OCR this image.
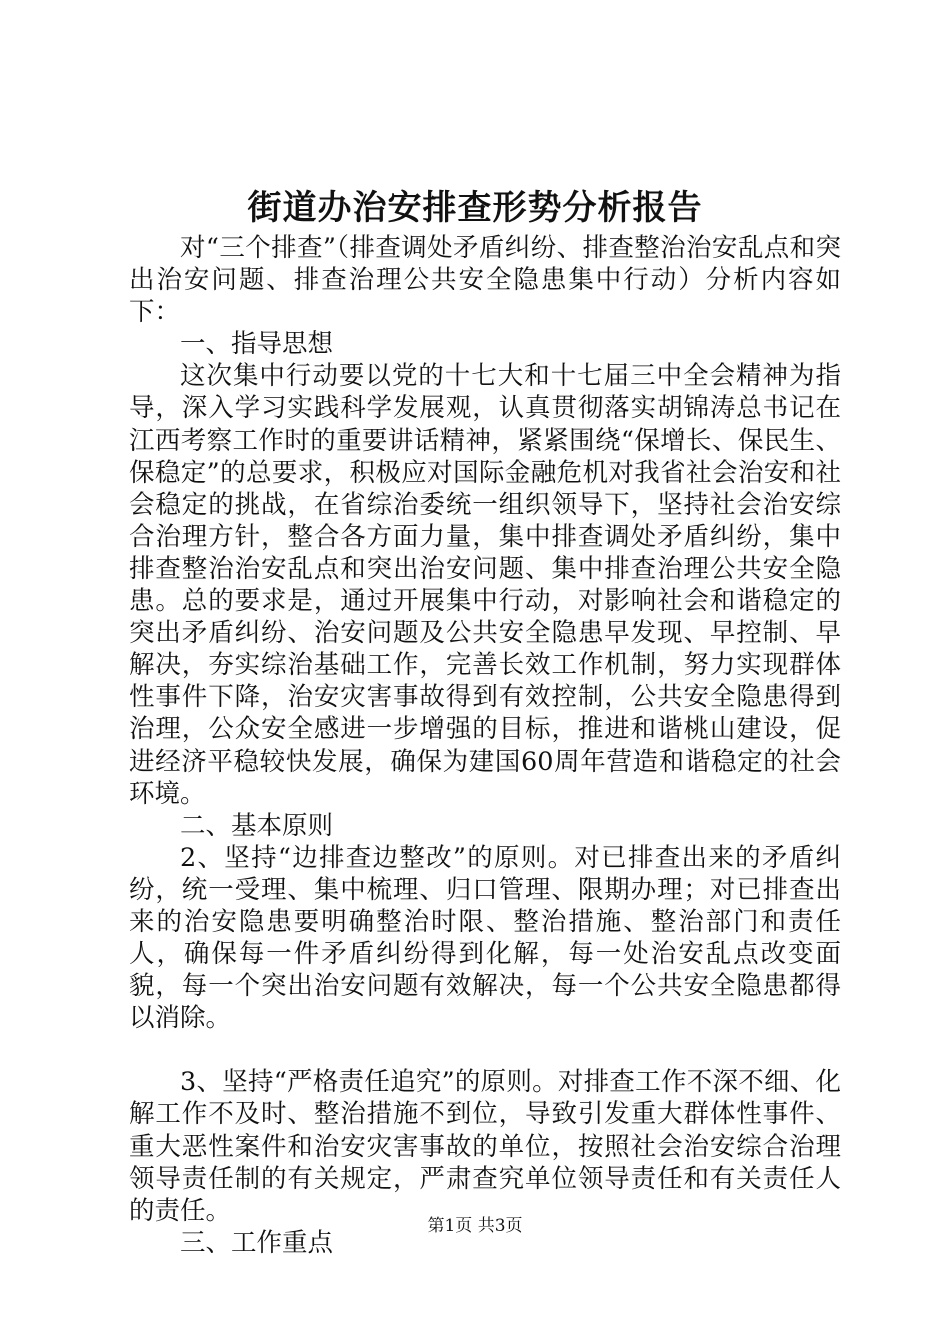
街道办治安排查形势分析报告

对“三个排查”（排查调处矛盾纠纷、排查整治治安乱点和突出治安问题、排查治理公共安全隐患集中行动）分析内容如下：

一、指导思想

这次集中行动要以党的十七大和十七届三中全会精神为指导，深入学习实践科学发展观，认真贯彻落实胡锦涛总书记在江西考察工作时的重要讲话精神，紧紧围绕“保增长、保民生、保稳定”的总要求，积极应对国际金融危机对我省社会治安和社会稳定的挑战，在省综治委统一组织领导下，坚持社会治安综合治理方针，整合各方面力量，集中排查调处矛盾纠纷，集中排查整治治安乱点和突出治安问题、集中排查治理公共安全隐患。总的要求是，通过开展集中行动，对影响社会和谐稳定的突出矛盾纠纷、治安问题及公共安全隐患早发现、早控制、早解决，夯实综治基础工作，完善长效工作机制，努力实现群体性事件下降，治安灾害事故得到有效控制，公共安全隐患得到治理，公众安全感进一步增强的目标，推进和谐桃山建设，促进经济平稳较快发展，确保为建国60周年营造和谐稳定的社会环境。

二、基本原则

2、坚持“边排查边整改”的原则。对已排查出来的矛盾纠纷，统一受理、集中梳理、归口管理、限期办理；对已排查出来的治安隐患要明确整治时限、整治措施、整治部门和责任人，确保每一件矛盾纠纷得到化解，每一处治安乱点改变面貌，每一个突出治安问题有效解决，每一个公共安全隐患都得以消除。

3、坚持“严格责任追究”的原则。对排查工作不深不细、化解工作不及时、整治措施不到位，导致引发重大群体性事件、重大恶性案件和治安灾害事故的单位，按照社会治安综合治理领导责任制的有关规定，严肃查究单位领导责任和有关责任人的责任。

三、工作重点

第1页 共3页
